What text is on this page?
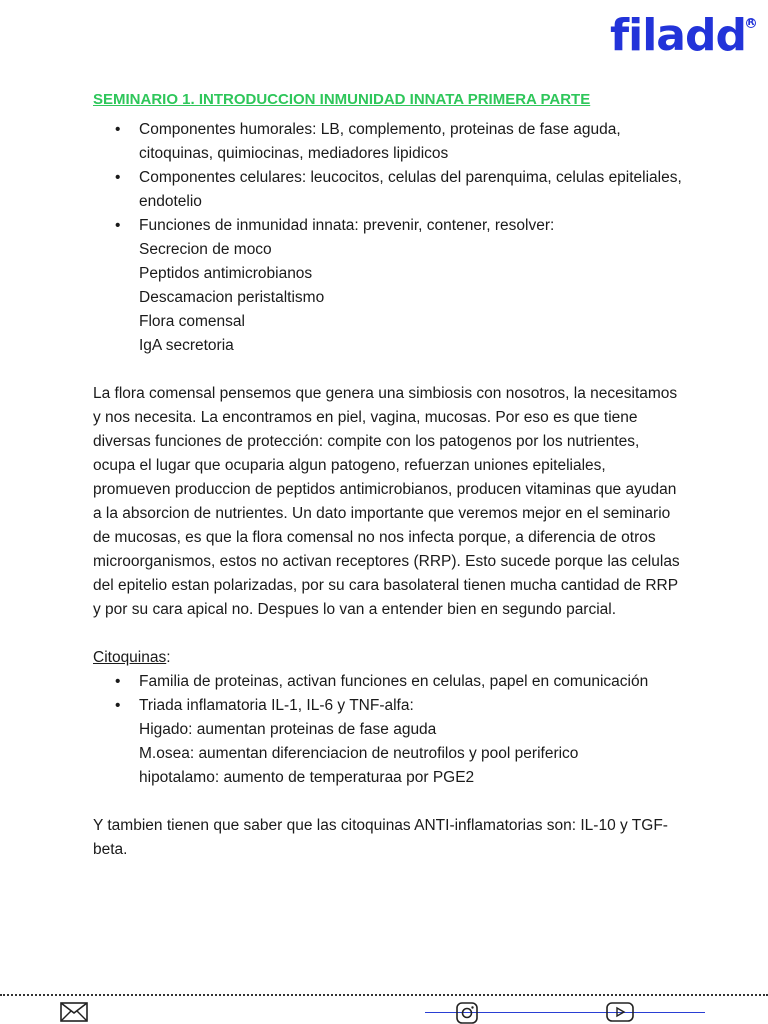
filadd R
SEMINARIO 1. INTRODUCCION INMUNIDAD INNATA PRIMERA PARTE
• Componentes humorales: LB, complemento, proteinas de fase aguda, citoquinas, quimiocinas, mediadores lipidicos
• Componentes celulares: leucocitos, celulas del parenquima, celulas epiteliales, endotelio
• Funciones de inmunidad innata: prevenir, contener, resolver:
Secrecion de moco
Peptidos antimicrobianos
Descamacion peristaltismo
Flora comensal
IgA secretoria

La flora comensal pensemos que genera una simbiosis con nosotros, la necesitamos y nos necesita. La encontramos en piel, vagina, mucosas. Por eso es que tiene diversas funciones de protección: compite con los patogenos por los nutrientes, ocupa el lugar que ocuparia algun patogeno, refuerzan uniones epiteliales, promueven produccion de peptidos antimicrobianos, producen vitaminas que ayudan a la absorcion de nutrientes. Un dato importante que veremos mejor en el seminario de mucosas, es que la flora comensal no nos infecta porque, a diferencia de otros microorganismos, estos no activan receptores (RRP). Esto sucede porque las celulas del epitelio estan polarizadas, por su cara basolateral tienen mucha cantidad de RRP y por su cara apical no. Despues lo van a entender bien en segundo parcial.

Citoquinas:
• Familia de proteinas, activan funciones en celulas, papel en comunicación
• Triada inflamatoria IL-1, IL-6 y TNF-alfa:
Higado: aumentan proteinas de fase aguda
M.osea: aumentan diferenciacion de neutrofilos y pool periferico
hipotalamo: aumento de temperaturaa por PGE2

Y tambien tienen que saber que las citoquinas ANTI-inflamatorias son: IL-10 y TGF-beta.
